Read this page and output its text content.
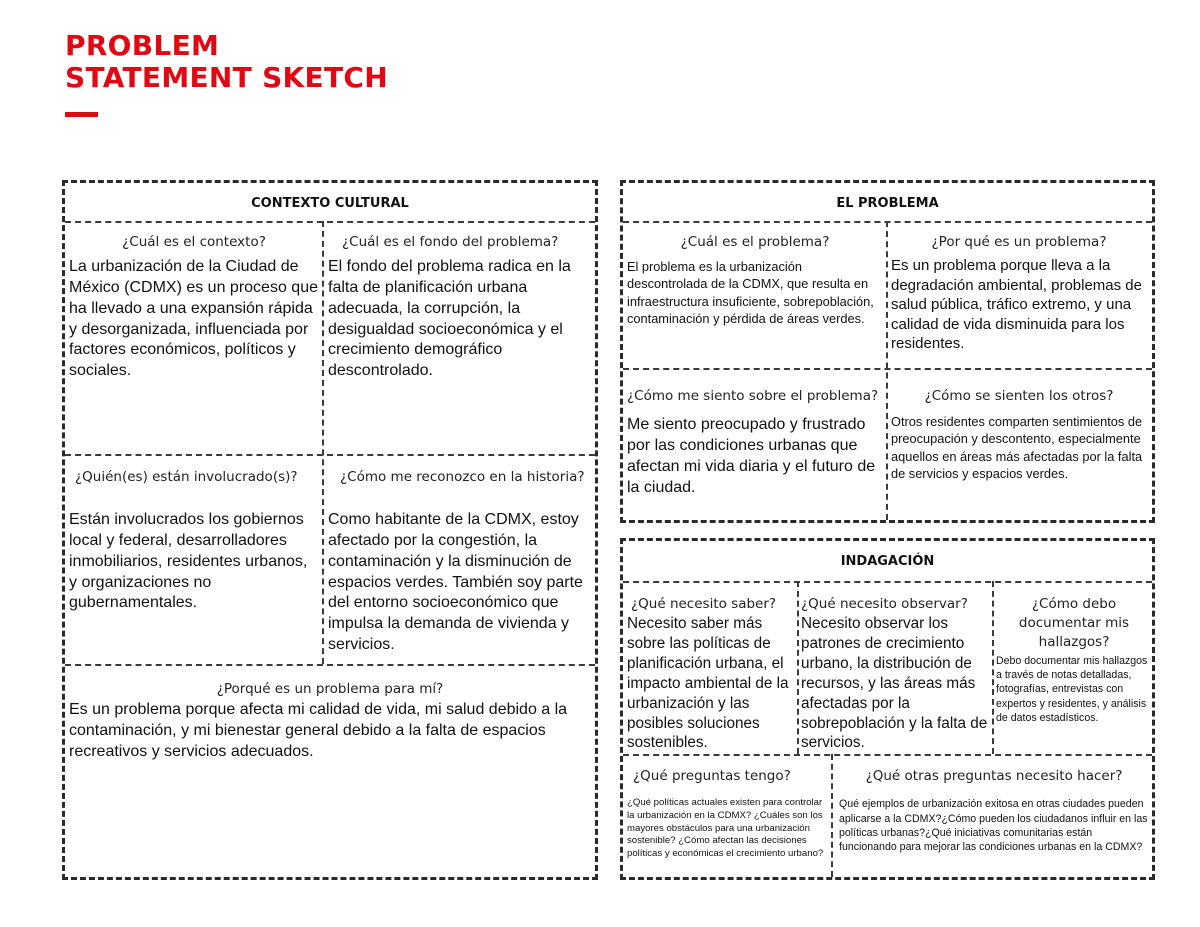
PROBLEM
STATEMENT SKETCH
CONTEXTO CULTURAL
¿Cuál es el contexto?
La urbanización de la Ciudad de México (CDMX) es un proceso que ha llevado a una expansión rápida y desorganizada, influenciada por factores económicos, políticos y sociales.
¿Cuál es el fondo del problema?
El fondo del problema radica en la falta de planificación urbana adecuada, la corrupción, la desigualdad socioeconómica y el crecimiento demográfico descontrolado.
¿Quién(es) están involucrado(s)?
Están involucrados los gobiernos local y federal, desarrolladores inmobiliarios, residentes urbanos, y organizaciones no gubernamentales.
¿Cómo me reconozco en la historia?
Como habitante de la CDMX, estoy afectado por la congestión, la contaminación y la disminución de espacios verdes. También soy parte del entorno socioeconómico que impulsa la demanda de vivienda y servicios.
¿Porqué es un problema para mí?
Es un problema porque afecta mi calidad de vida, mi salud debido a la contaminación, y mi bienestar general debido a la falta de espacios recreativos y servicios adecuados.
EL PROBLEMA
¿Cuál es el problema?
El problema es la urbanización descontrolada de la CDMX, que resulta en infraestructura insuficiente, sobrepoblación, contaminación y pérdida de áreas verdes.
¿Por qué es un problema?
Es un problema porque lleva a la degradación ambiental, problemas de salud pública, tráfico extremo, y una calidad de vida disminuida para los residentes.
¿Cómo me siento sobre el problema?
Me siento preocupado y frustrado por las condiciones urbanas que afectan mi vida diaria y el futuro de la ciudad.
¿Cómo se sienten los otros?
Otros residentes comparten sentimientos de preocupación y descontento, especialmente aquellos en áreas más afectadas por la falta de servicios y espacios verdes.
INDAGACIÓN
¿Qué necesito saber?
Necesito saber más sobre las políticas de planificación urbana, el impacto ambiental de la urbanización y las posibles soluciones sostenibles.
¿Qué necesito observar?
Necesito observar los patrones de crecimiento urbano, la distribución de recursos, y las áreas más afectadas por la sobrepoblación y la falta de servicios.
¿Cómo debo documentar mis hallazgos?
Debo documentar mis hallazgos a través de notas detalladas, fotografías, entrevistas con expertos y residentes, y análisis de datos estadísticos.
¿Qué preguntas tengo?
¿Qué políticas actuales existen para controlar la urbanización en la CDMX? ¿Cuáles son los mayores obstáculos para una urbanización sostenible? ¿Cómo afectan las decisiones políticas y económicas el crecimiento urbano?
¿Qué otras preguntas necesito hacer?
Qué ejemplos de urbanización exitosa en otras ciudades pueden aplicarse a la CDMX?¿Cómo pueden los ciudadanos influir en las políticas urbanas?¿Qué iniciativas comunitarias están funcionando para mejorar las condiciones urbanas en la CDMX?
